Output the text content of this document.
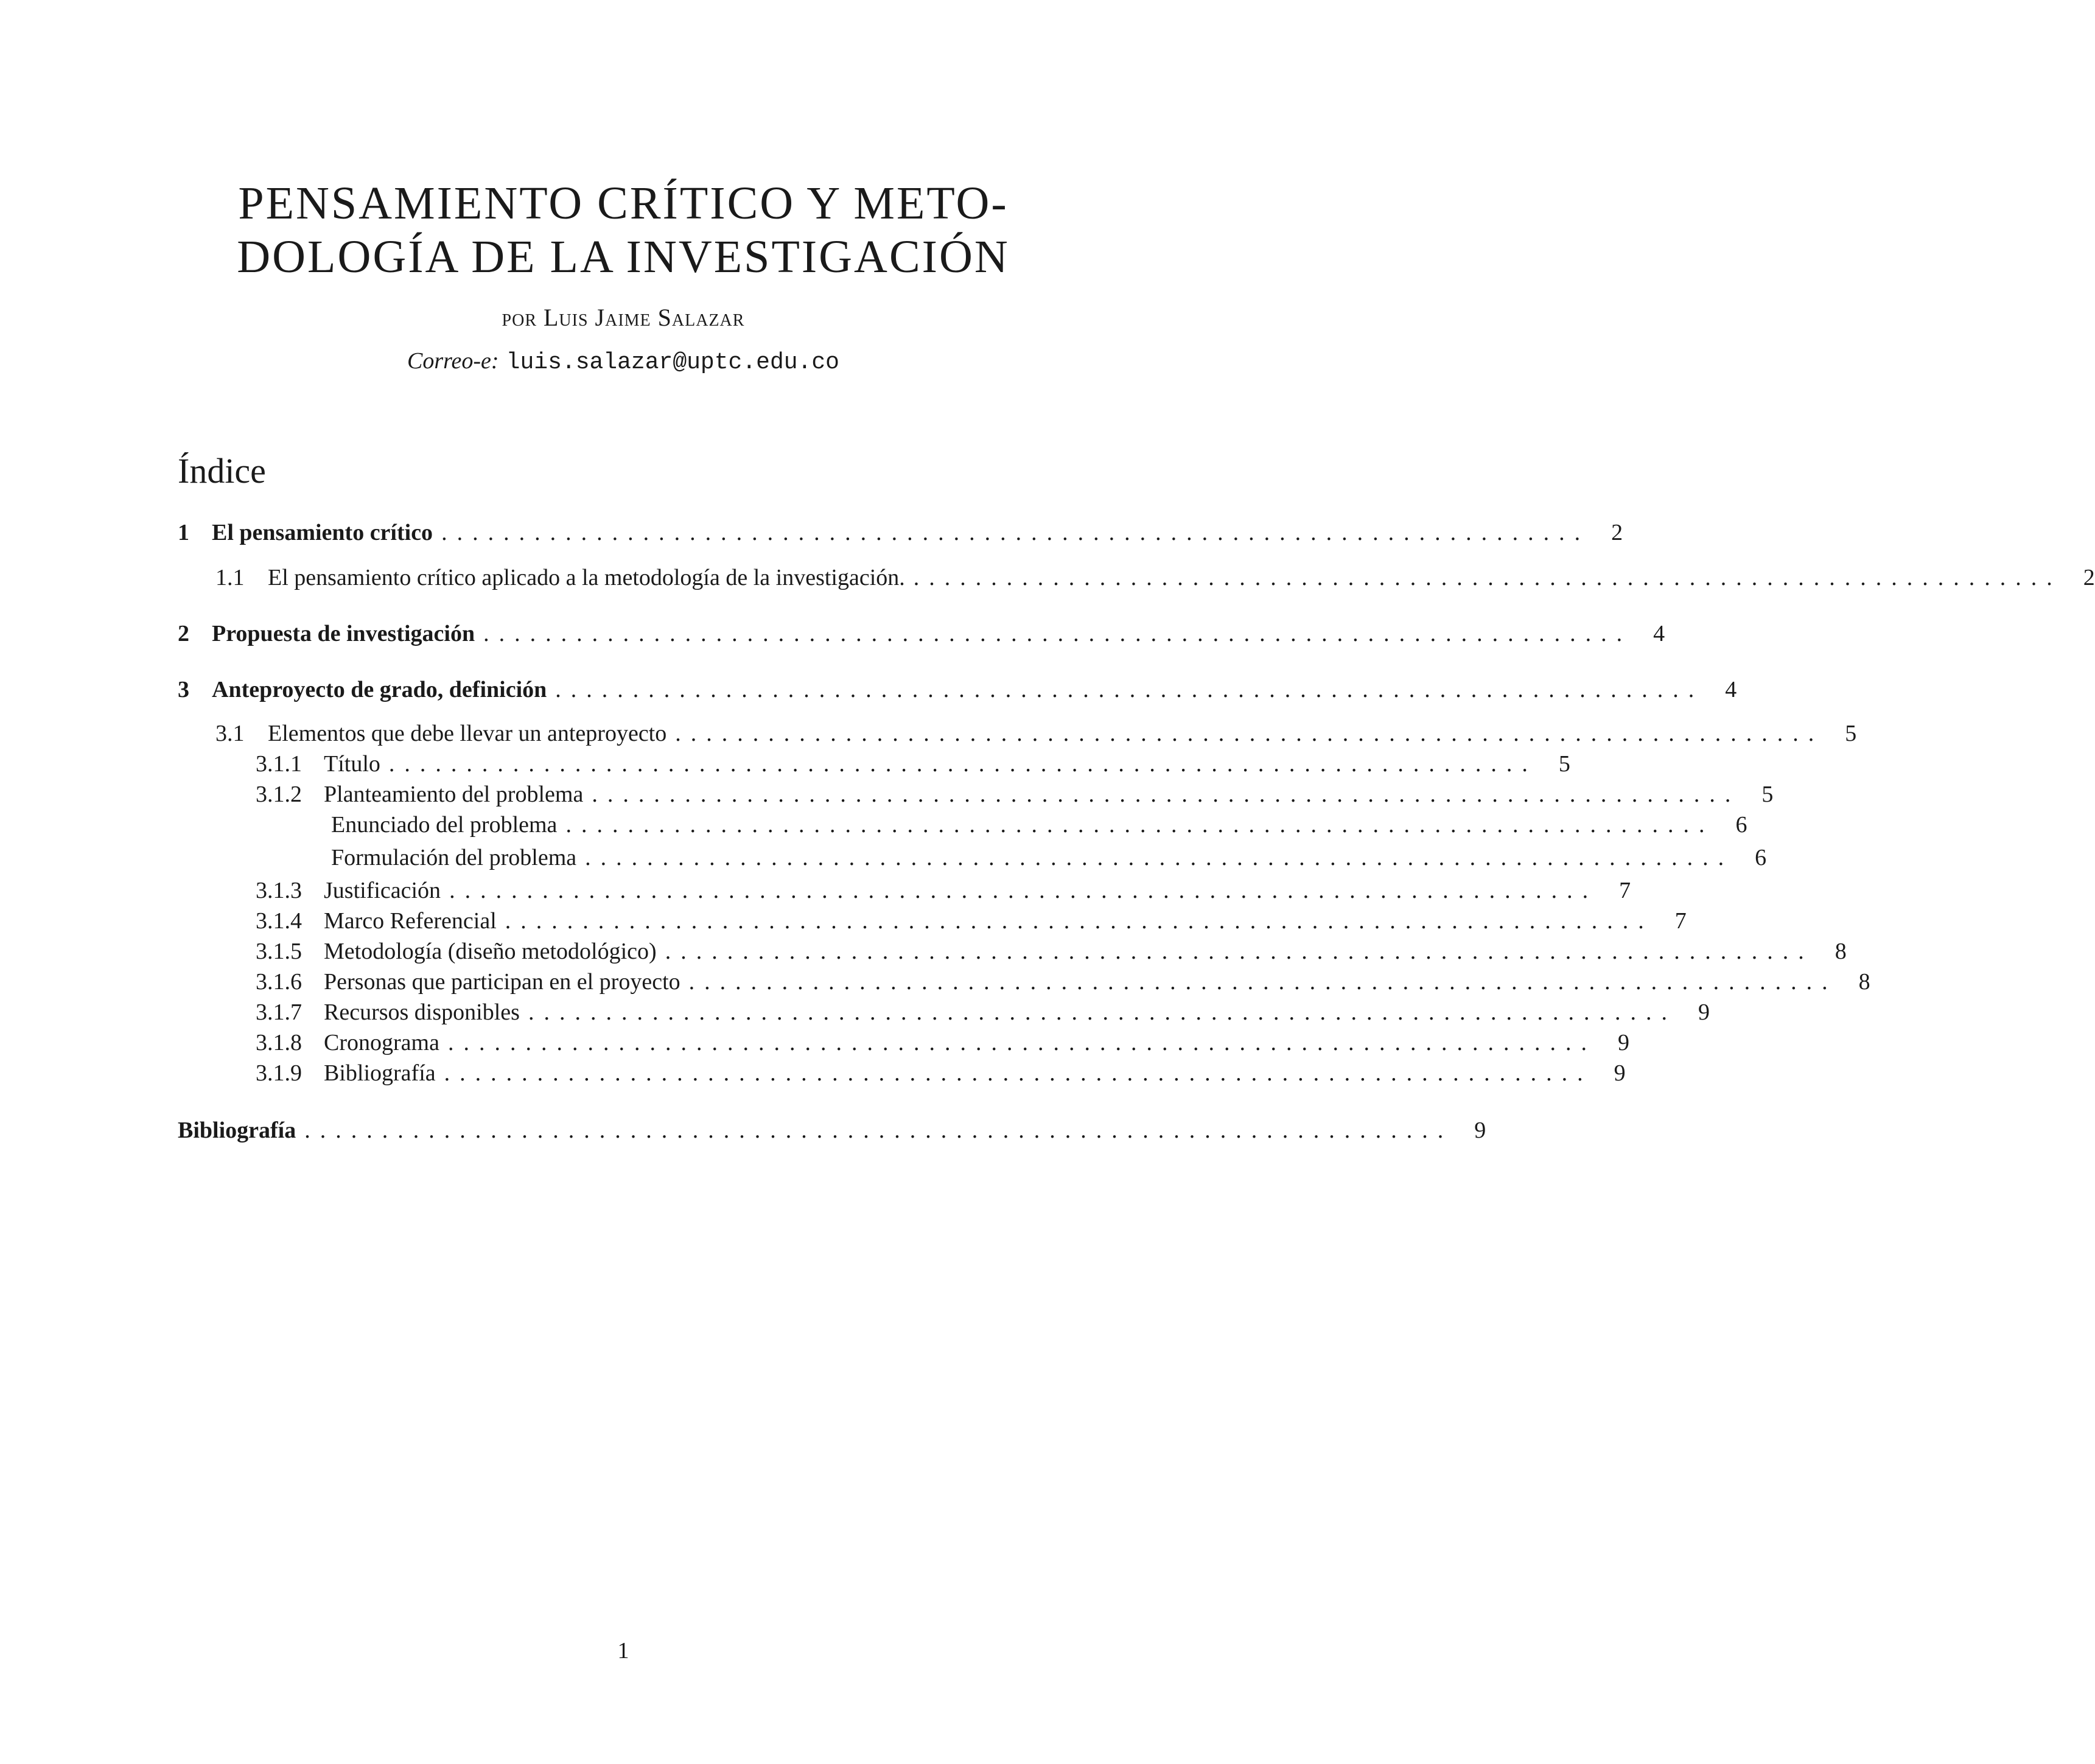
PENSAMIENTO CRÍTICO Y METO-
DOLOGÍA DE LA INVESTIGACIÓN
por Luis Jaime Salazar
Correo-e: luis.salazar@uptc.edu.co
Índice
1 El pensamiento crítico .......................................................................... 2
1.1	El pensamiento crítico aplicado a la metodología de la investigación. .......................................................................... 2
2 Propuesta de investigación .......................................................................... 4
3 Anteproyecto de grado, definición .......................................................................... 4
3.1	Elementos que debe llevar un anteproyecto .......................................................................... 5
3.1.1 Título .......................................................................... 5
3.1.2 Planteamiento del problema .......................................................................... 5
Enunciado del problema .......................................................................... 6
Formulación del problema .......................................................................... 6
3.1.3 Justificación .......................................................................... 7
3.1.4 Marco Referencial .......................................................................... 7
3.1.5 Metodología (diseño metodológico) .......................................................................... 8
3.1.6 Personas que participan en el proyecto .......................................................................... 8
3.1.7 Recursos disponibles .......................................................................... 9
3.1.8 Cronograma .......................................................................... 9
3.1.9 Bibliografía .......................................................................... 9
Bibliografía .......................................................................... 9
1
